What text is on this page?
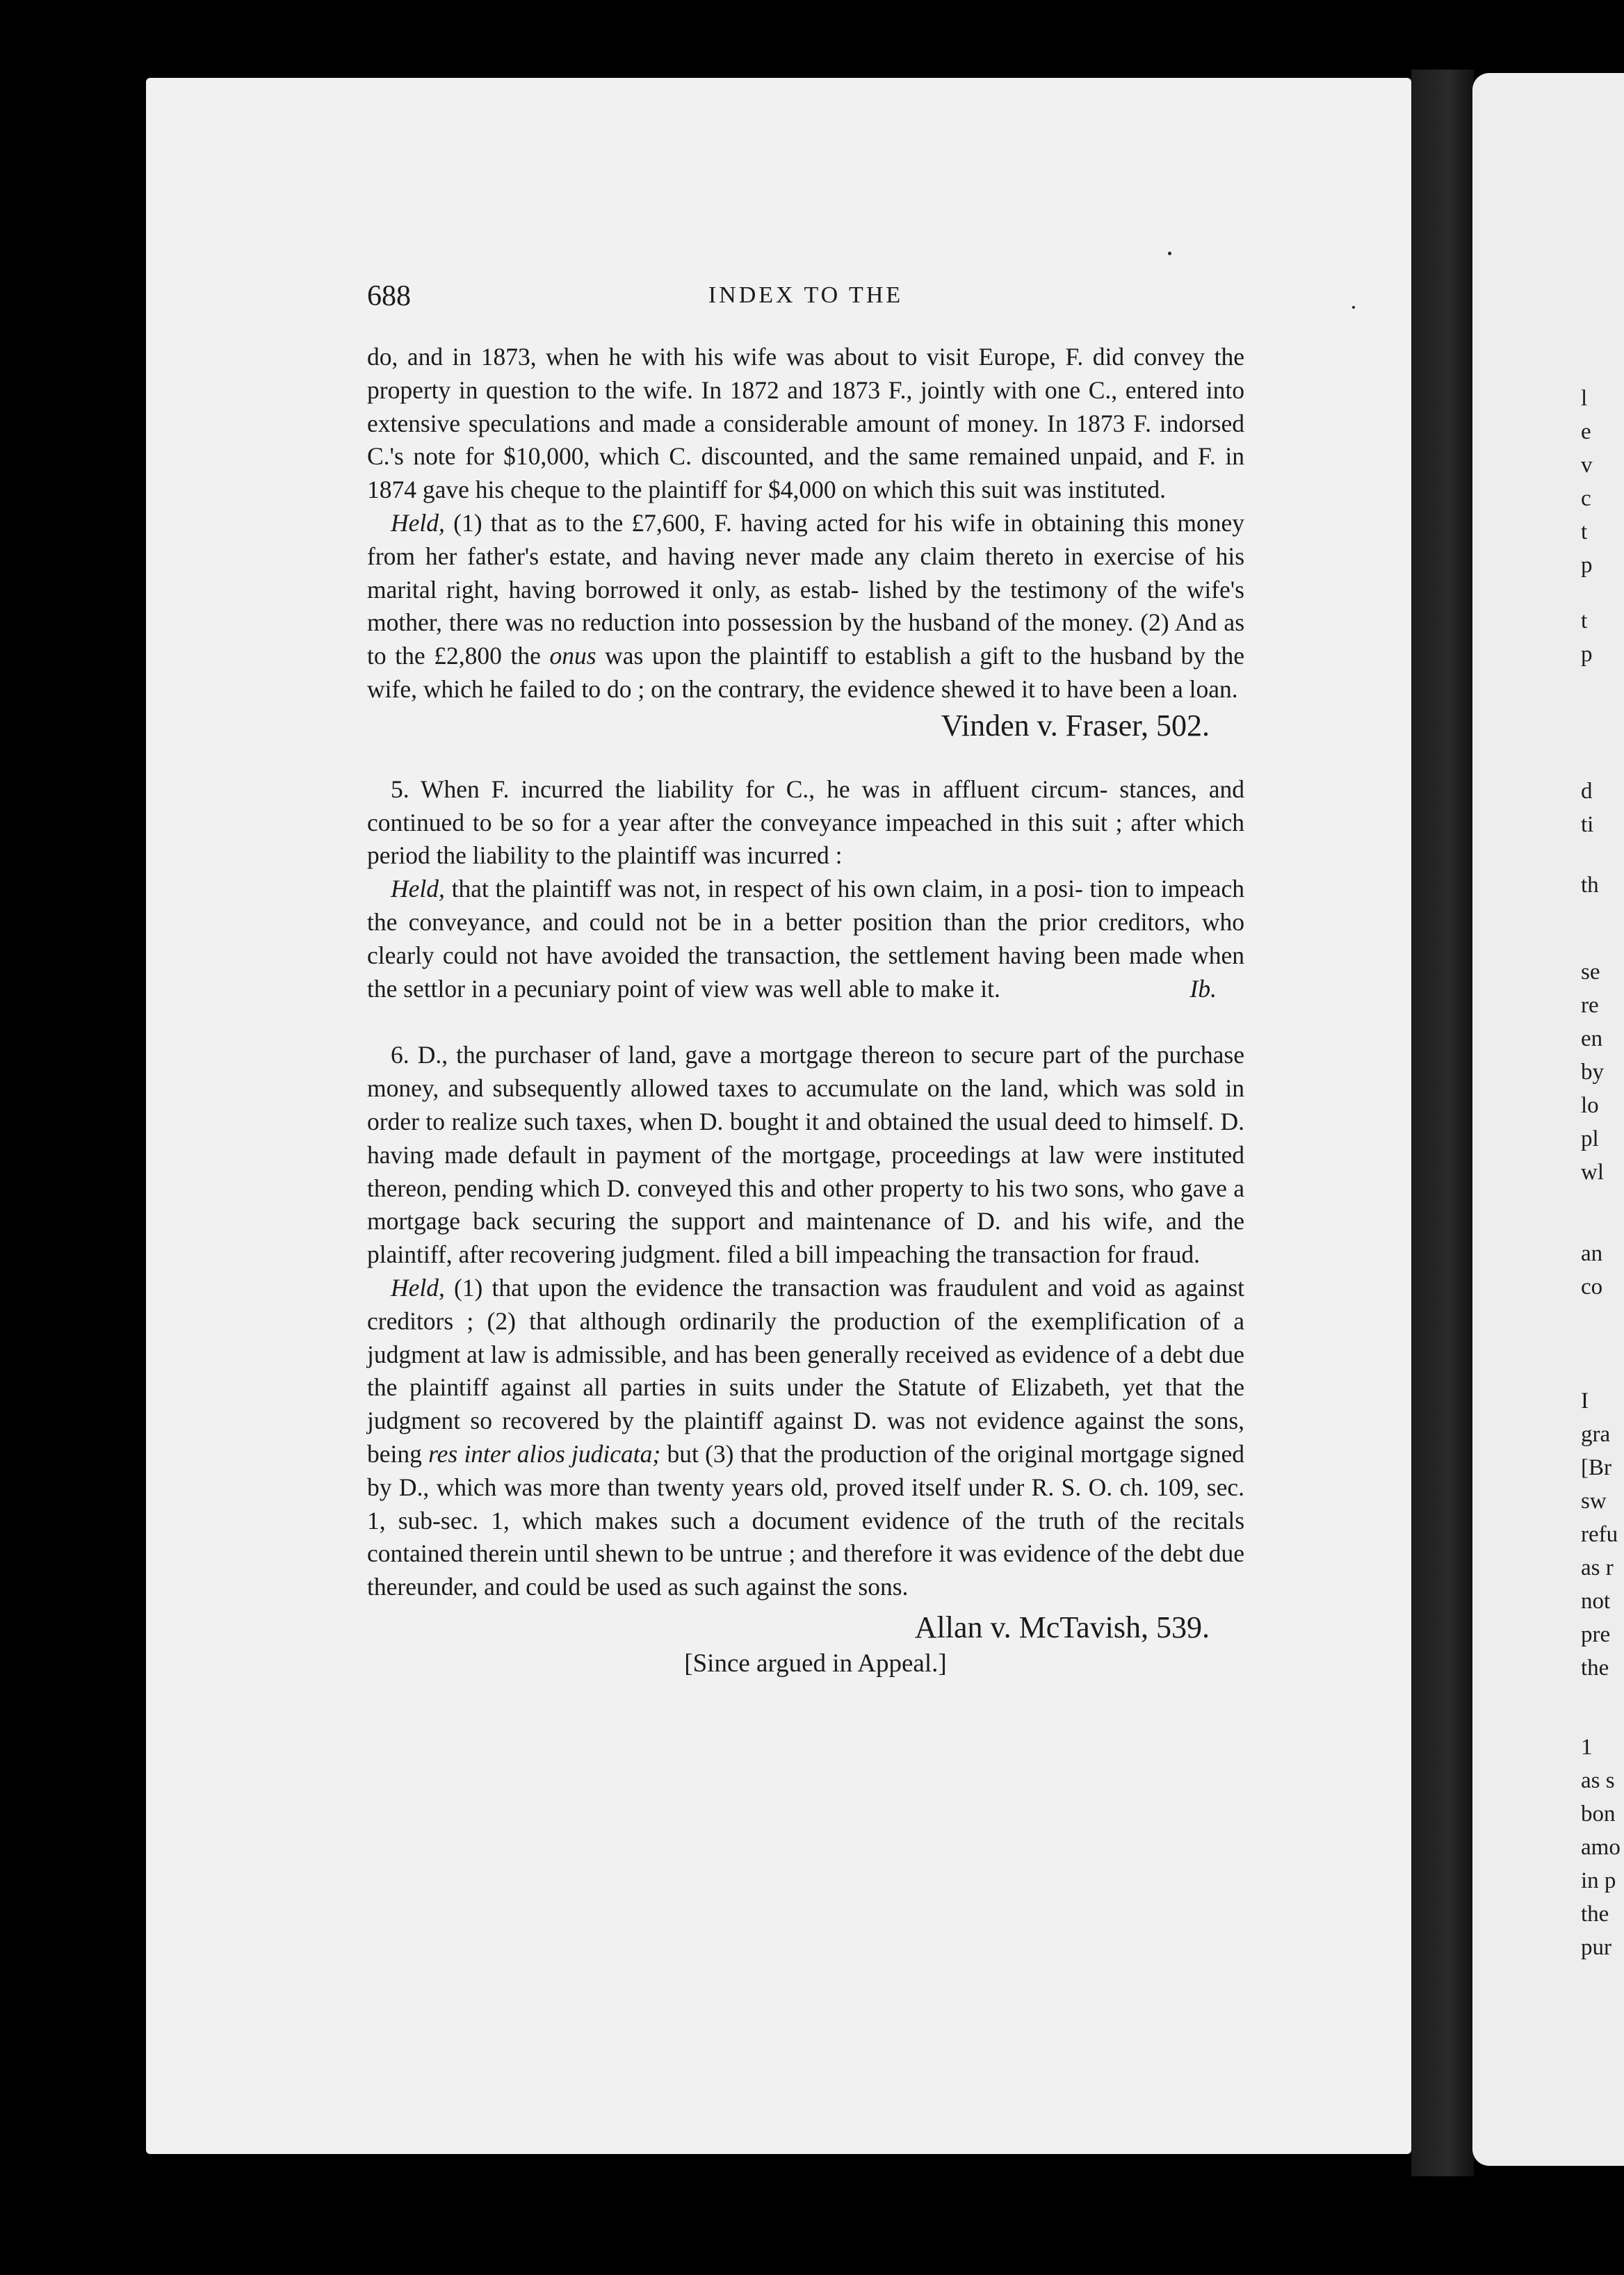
l
e
v
c
t
p
t
p
d
ti
th
se
re
en
by
lo
pl
wl
an
co
I
gra
[Br
sw
refu
as r
not
pre
the
1
as s
bon
amo
in p
the
pur
688	INDEX TO THE

do, and in 1873, when he with his wife was about to visit Europe, F. did convey the property in question to the wife. In 1872 and 1873 F., jointly with one C., entered into extensive speculations and made a considerable amount of money. In 1873 F. indorsed C.'s note for $10,000, which C. discounted, and the same remained unpaid, and F. in 1874 gave his cheque to the plaintiff for $4,000 on which this suit was instituted.

Held, (1) that as to the £7,600, F. having acted for his wife in obtaining this money from her father's estate, and having never made any claim thereto in exercise of his marital right, having borrowed it only, as estab- lished by the testimony of the wife's mother, there was no reduction into possession by the husband of the money. (2) And as to the £2,800 the onus was upon the plaintiff to establish a gift to the husband by the wife, which he failed to do ; on the contrary, the evidence shewed it to have been a loan.

Vinden v. Fraser, 502.

5. When F. incurred the liability for C., he was in affluent circum- stances, and continued to be so for a year after the conveyance impeached in this suit ; after which period the liability to the plaintiff was incurred :

Held, that the plaintiff was not, in respect of his own claim, in a posi- tion to impeach the conveyance, and could not be in a better position than the prior creditors, who clearly could not have avoided the transaction, the settlement having been made when the settlor in a pecuniary point of view was well able to make it.	Ib.

6. D., the purchaser of land, gave a mortgage thereon to secure part of the purchase money, and subsequently allowed taxes to accumulate on the land, which was sold in order to realize such taxes, when D. bought it and obtained the usual deed to himself. D. having made default in payment of the mortgage, proceedings at law were instituted thereon, pending which D. conveyed this and other property to his two sons, who gave a mortgage back securing the support and maintenance of D. and his wife, and the plaintiff, after recovering judgment. filed a bill impeaching the transaction for fraud.

Held, (1) that upon the evidence the transaction was fraudulent and void as against creditors ; (2) that although ordinarily the production of the exemplification of a judgment at law is admissible, and has been generally received as evidence of a debt due the plaintiff against all parties in suits under the Statute of Elizabeth, yet that the judgment so recovered by the plaintiff against D. was not evidence against the sons, being res inter alios judicata; but (3) that the production of the original mortgage signed by D., which was more than twenty years old, proved itself under R. S. O. ch. 109, sec. 1, sub-sec. 1, which makes such a document evidence of the truth of the recitals contained therein until shewn to be untrue ; and therefore it was evidence of the debt due thereunder, and could be used as such against the sons.

Allan v. McTavish, 539.

[Since argued in Appeal.]
